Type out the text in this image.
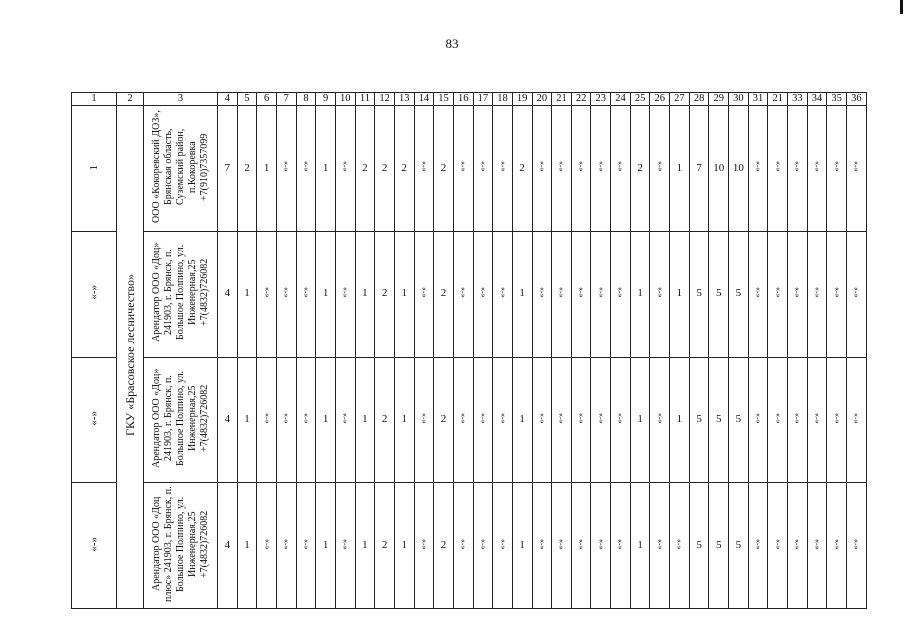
83
1	2	3	4	5	6	7	8	9	10	11	12	13	14	15	16	17	18	19	20	21	22	23	24	25	26	27	28	29	30	31	21	33	34	35	36
1	ГКУ «Брасовское лесничество»	ООО «Кокоревский ДОЗ», Брянская область, Суземский район, п.Кокоревка +7(910)7357099	7	2	1	«-»	«-»	1	«-»	2	2	2	«-»	2	«-»	«-»	«-»	2	«-»	«-»	«-»	«-»	«-»	2	«-»	1	7	10	10	«-»	«-»	«-»	«-»	«-»	«-»
«-»		Арендатор ООО «Доц» 241903, г. Брянск, п. Большое Полпино, ул. Инженерная,25 +7(4832)726082	4	1	«-»	«-»	«-»	1	«-»	1	2	1	«-»	2	«-»	«-»	«-»	1	«-»	«-»	«-»	«-»	«-»	1	«-»	1	5	5	5	«-»	«-»	«-»	«-»	«-»	«-»
«-»		Арендатор ООО «Доц» 241903, г. Брянск, п. Большое Полпино, ул. Инженерная,25 +7(4832)726082	4	1	«-»	«-»	«-»	1	«-»	1	2	1	«-»	2	«-»	«-»	«-»	1	«-»	«-»	«-»	«-»	«-»	1	«-»	1	5	5	5	«-»	«-»	«-»	«-»	«-»	«-»
«-»		Арендатор ООО «Доц плюс» 241903, г. Брянск, п. Большое Полпино, ул. Инженерная,25 +7(4832)726082	4	1	«-»	«-»	«-»	1	«-»	1	2	1	«-»	2	«-»	«-»	«-»	1	«-»	«-»	«-»	«-»	«-»	1	«-»	«-»	5	5	5	«-»	«-»	«-»	«-»	«-»	«-»
